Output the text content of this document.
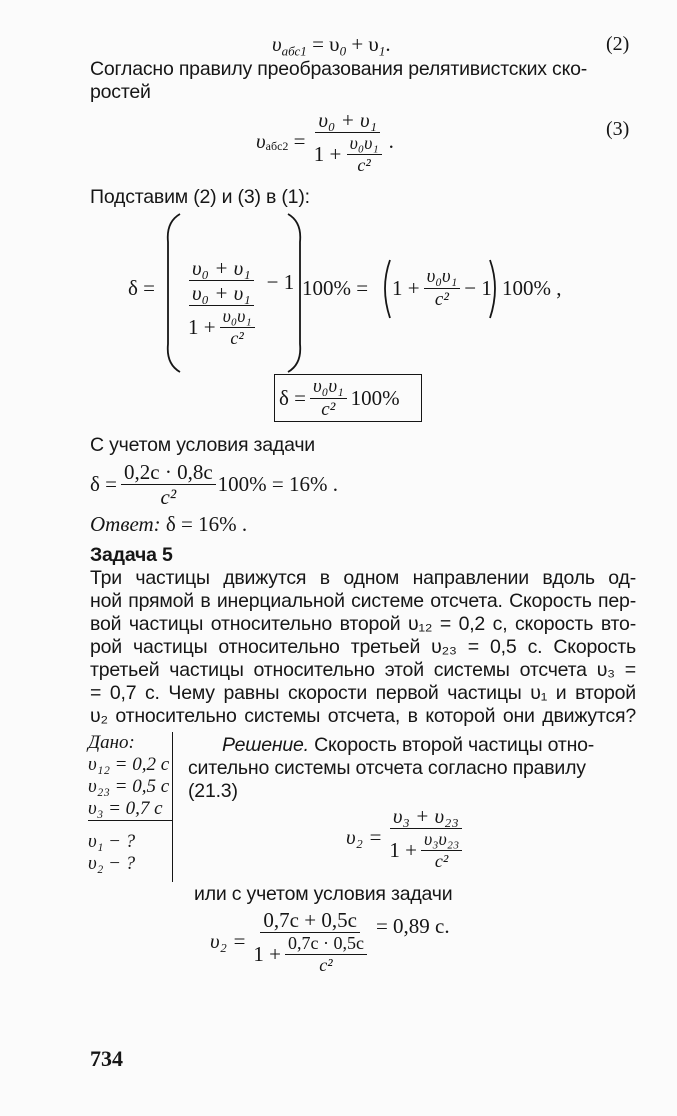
$\upsilon_{абс1} = \upsilon_0 + \upsilon_1$.	(2)
Согласно правилу преобразования релятивистских ско-
ростей
$\upsilon_{абс2} = \frac{\text{υ₀ + υ₁}}{1 + \frac{\text{υ₀υ₁}}{\text{c²}}}$ .
(3)
Подставим (2) и (3) в (1):
δ =
υ₀ + υ₁
$\frac{\text{υ₀ + υ₁}}{1 + \frac{\text{υ₀υ₁}}{\text{c²}}} - 1$ $100\% = 1 + \frac{\text{υ₀υ₁}}{\text{c²}} - 1$ 100% ,
$\delta = \frac{\text{υ₀υ₁}}{\text{c²}} 100\%$
С учетом условия задачи
$\delta = \frac{0,2c \cdot 0,8c}{\text{c²}} 100\% = 16\%$ .
Ответ: δ = 16% .
Задача 5
Три частицы движутся в одном направлении вдоль од-
ной прямой в инерциальной системе отсчета. Скорость пер-
вой частицы относительно второй υ₁₂ = 0,2 c, скорость вто-
рой частицы относительно третьей υ₂₃ = 0,5 c. Скорость
третьей частицы относительно этой системы отсчета υ₃ =
= 0,7 c. Чему равны скорости первой частицы υ₁ и второй
υ₂ относительно системы отсчета, в которой они движутся?
Дано:
υ₁₂ = 0,2 c
υ₂₃ = 0,5 c
υ₃ = 0,7 c
υ₁ − ?
υ₂ − ?
Решение. Скорость второй частицы отно-
сительно системы отсчета согласно правилу
(21.3)
$\upsilon_2 = \frac{\text{υ₃ + υ₂₃}}{1 + \frac{\text{υ₃υ₂₃}}{\text{c²}}}$
или с учетом условия задачи
$\upsilon_2 = \frac{0,7c + 0,5c}{1 + \frac{0,7c \cdot 0,5c}{\text{c²}}} = 0,89$ c.
734
